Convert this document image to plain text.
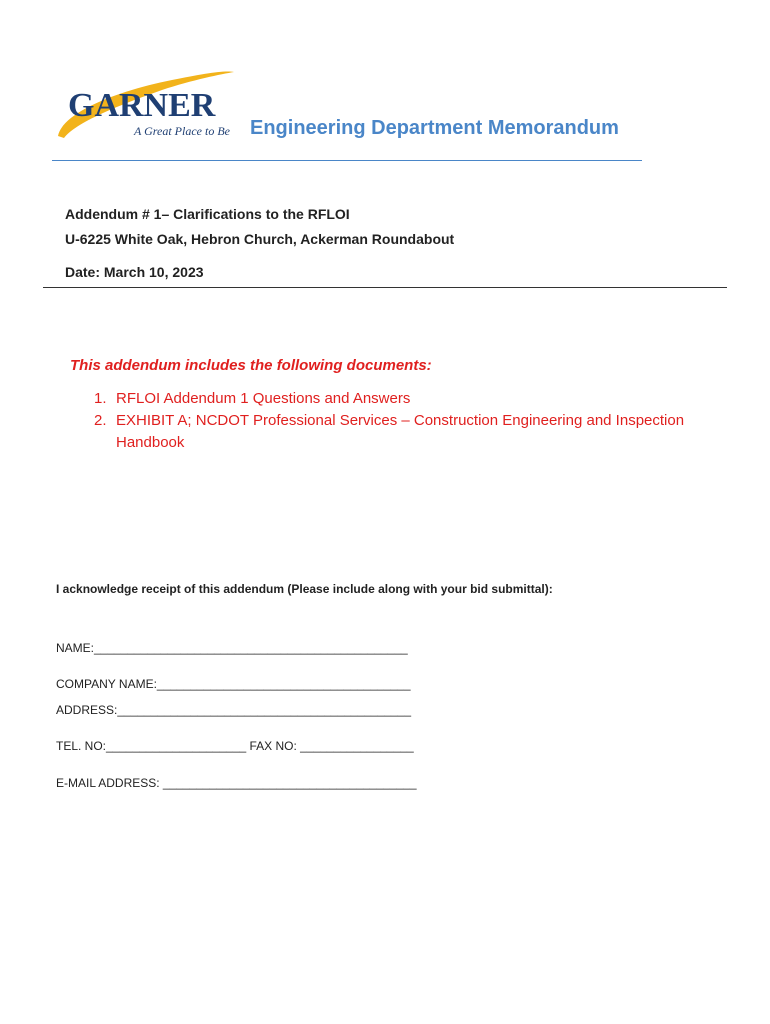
GARNER
A Great Place to Be Engineering Department Memorandum
Addendum # 1– Clarifications to the RFLOI
U-6225 White Oak, Hebron Church, Ackerman Roundabout
Date: March 10, 2023
This addendum includes the following documents:
1. RFLOI Addendum 1 Questions and Answers
2. EXHIBIT A; NCDOT Professional Services – Construction Engineering and Inspection Handbook
I acknowledge receipt of this addendum (Please include along with your bid submittal):
NAME:_______________________________________________
COMPANY NAME:______________________________________
ADDRESS:____________________________________________
TEL. NO:_____________________ FAX NO: _________________
E-MAIL ADDRESS: ______________________________________
